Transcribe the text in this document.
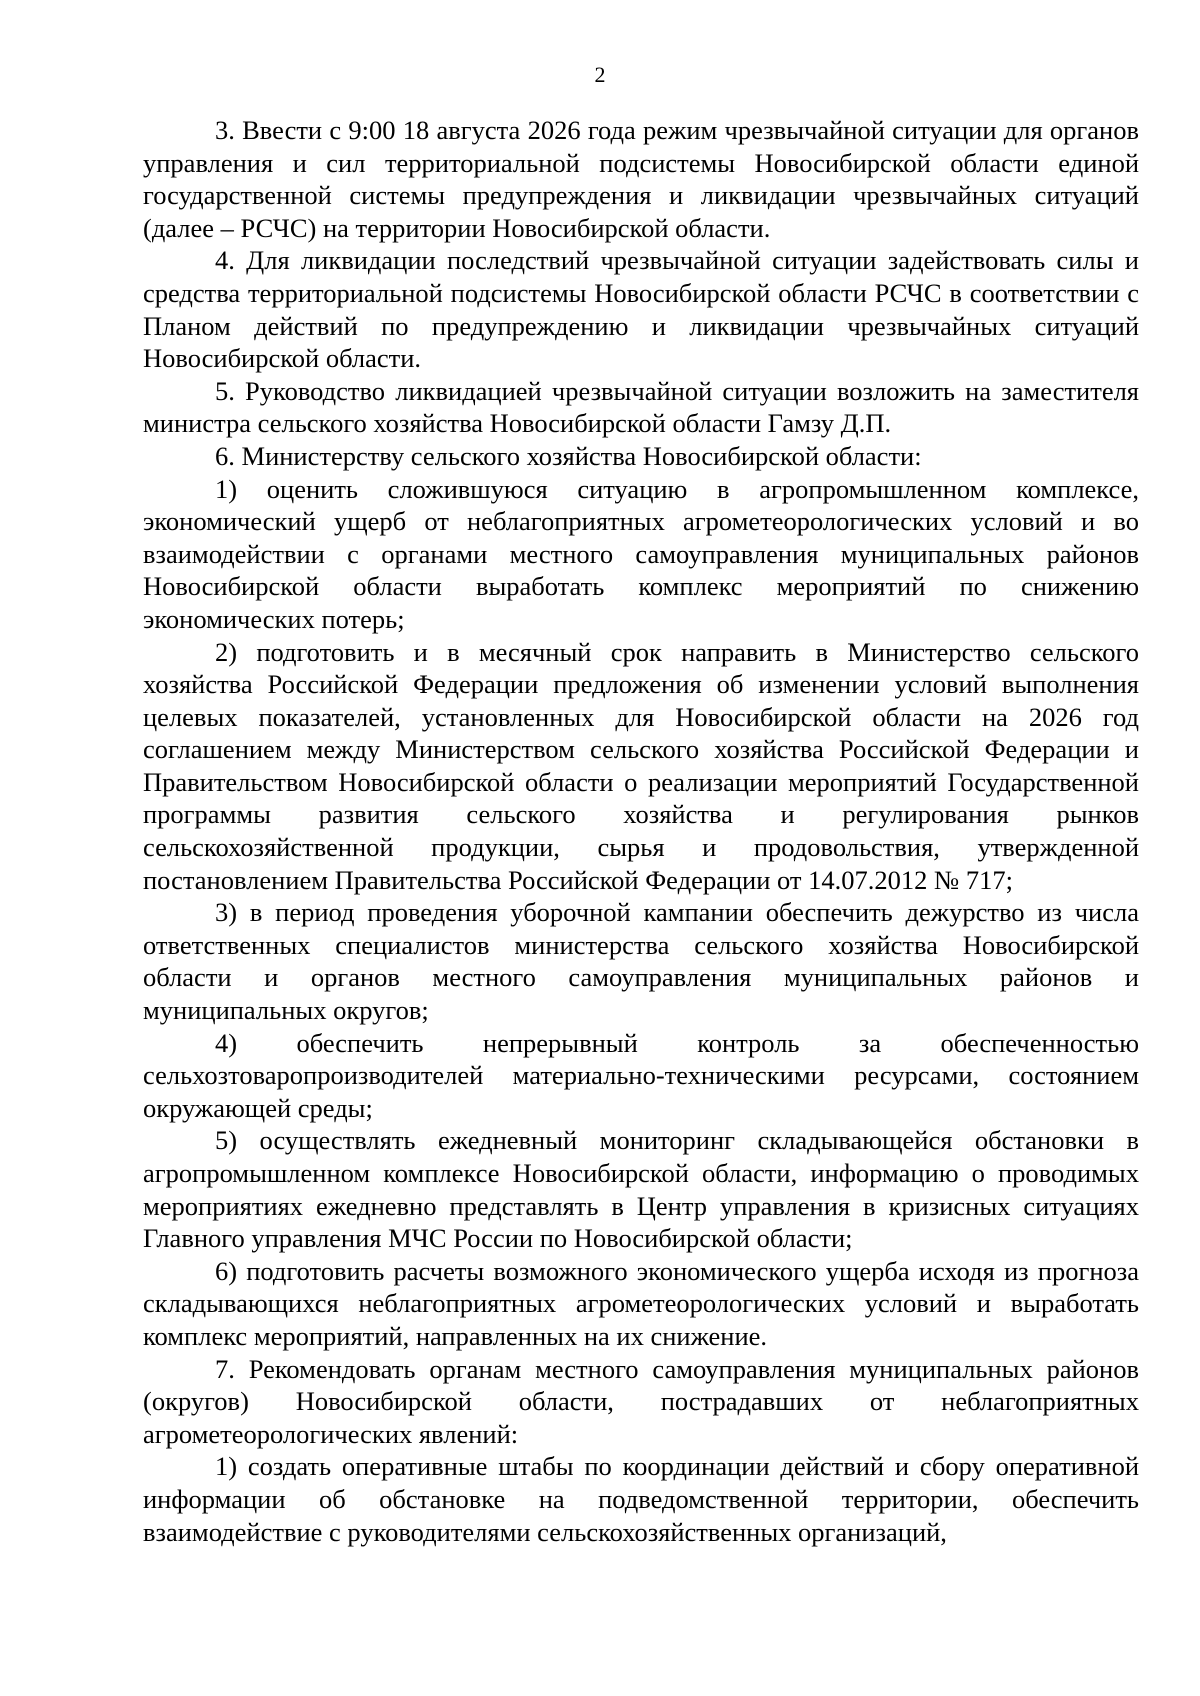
2

3. Ввести с 9:00 18 августа 2026 года режим чрезвычайной ситуации для органов управления и сил территориальной подсистемы Новосибирской области единой государственной системы предупреждения и ликвидации чрезвычайных ситуаций (далее – РСЧС) на территории Новосибирской области.

4. Для ликвидации последствий чрезвычайной ситуации задействовать силы и средства территориальной подсистемы Новосибирской области РСЧС в соответствии с Планом действий по предупреждению и ликвидации чрезвычайных ситуаций Новосибирской области.

5. Руководство ликвидацией чрезвычайной ситуации возложить на заместителя министра сельского хозяйства Новосибирской области Гамзу Д.П.

6. Министерству сельского хозяйства Новосибирской области:

1) оценить сложившуюся ситуацию в агропромышленном комплексе, экономический ущерб от неблагоприятных агрометеорологических условий и во взаимодействии с органами местного самоуправления муниципальных районов Новосибирской области выработать комплекс мероприятий по снижению экономических потерь;

2) подготовить и в месячный срок направить в Министерство сельского хозяйства Российской Федерации предложения об изменении условий выполнения целевых показателей, установленных для Новосибирской области на 2026 год соглашением между Министерством сельского хозяйства Российской Федерации и Правительством Новосибирской области о реализации мероприятий Государственной программы развития сельского хозяйства и регулирования рынков сельскохозяйственной продукции, сырья и продовольствия, утвержденной постановлением Правительства Российской Федерации от 14.07.2012 № 717;

3) в период проведения уборочной кампании обеспечить дежурство из числа ответственных специалистов министерства сельского хозяйства Новосибирской области и органов местного самоуправления муниципальных районов и муниципальных округов;

4) обеспечить непрерывный контроль за обеспеченностью сельхозтоваропроизводителей материально-техническими ресурсами, состоянием окружающей среды;

5) осуществлять ежедневный мониторинг складывающейся обстановки в агропромышленном комплексе Новосибирской области, информацию о проводимых мероприятиях ежедневно представлять в Центр управления в кризисных ситуациях Главного управления МЧС России по Новосибирской области;

6) подготовить расчеты возможного экономического ущерба исходя из прогноза складывающихся неблагоприятных агрометеорологических условий и выработать комплекс мероприятий, направленных на их снижение.

7. Рекомендовать органам местного самоуправления муниципальных районов (округов) Новосибирской области, пострадавших от неблагоприятных агрометеорологических явлений:

1) создать оперативные штабы по координации действий и сбору оперативной информации об обстановке на подведомственной территории, обеспечить взаимодействие с руководителями сельскохозяйственных организаций,
